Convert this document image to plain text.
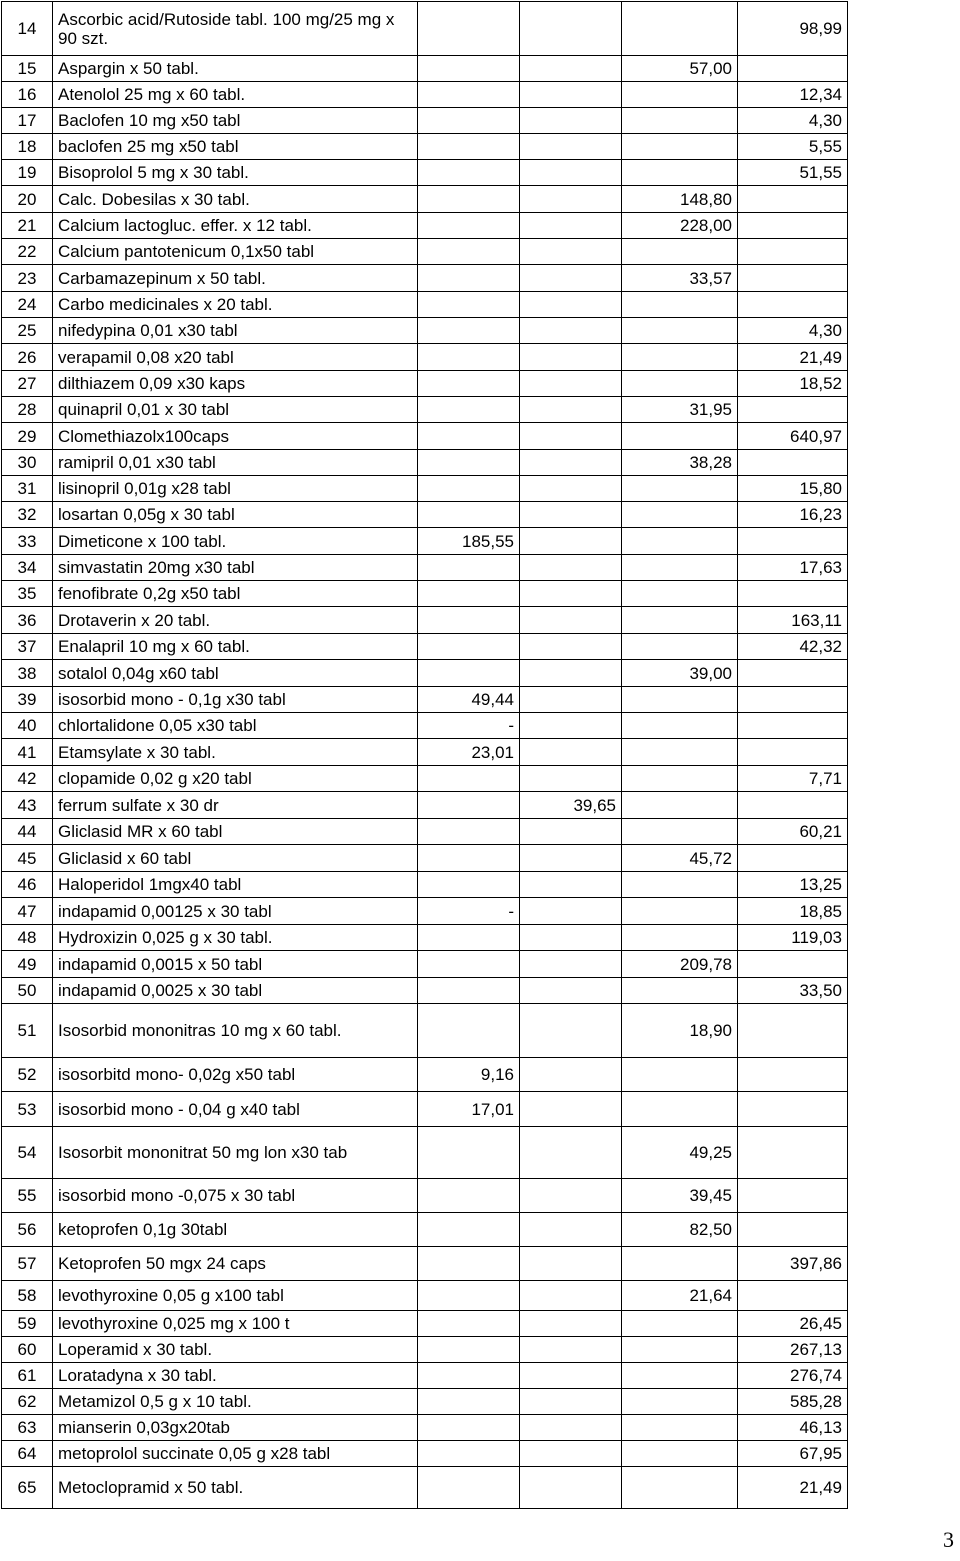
14	Ascorbic acid/Rutoside tabl. 100 mg/25 mg x 90 szt.				98,99
15	Aspargin x 50 tabl.			57,00	
16	Atenolol 25 mg x 60 tabl.				12,34
17	Baclofen 10 mg x50 tabl				4,30
18	baclofen 25 mg x50 tabl				5,55
19	Bisoprolol 5 mg x 30 tabl.				51,55
20	Calc. Dobesilas x 30 tabl.			148,80	
21	Calcium lactogluc. effer. x 12 tabl.			228,00	
22	Calcium pantotenicum 0,1x50 tabl				
23	Carbamazepinum x 50 tabl.			33,57	
24	Carbo medicinales x 20 tabl.				
25	nifedypina 0,01 x30 tabl				4,30
26	verapamil 0,08 x20 tabl				21,49
27	dilthiazem 0,09 x30 kaps				18,52
28	quinapril 0,01 x 30 tabl			31,95	
29	Clomethiazolx100caps				640,97
30	ramipril 0,01 x30 tabl			38,28	
31	lisinopril 0,01g x28 tabl				15,80
32	losartan 0,05g x 30 tabl				16,23
33	Dimeticone x 100 tabl.	185,55			
34	simvastatin 20mg x30 tabl				17,63
35	fenofibrate 0,2g x50 tabl				
36	Drotaverin x 20 tabl.				163,11
37	Enalapril 10 mg x 60 tabl.				42,32
38	sotalol 0,04g x60 tabl			39,00	
39	isosorbid mono - 0,1g x30 tabl	49,44			
40	chlortalidone 0,05 x30 tabl	-			
41	Etamsylate x 30 tabl.	23,01			
42	clopamide 0,02 g x20 tabl				7,71
43	ferrum sulfate x 30 dr		39,65		
44	Gliclasid MR x 60 tabl				60,21
45	Gliclasid x 60 tabl			45,72	
46	Haloperidol 1mgx40 tabl				13,25
47	indapamid 0,00125 x 30 tabl	-			18,85
48	Hydroxizin 0,025 g x 30 tabl.				119,03
49	indapamid 0,0015 x 50 tabl			209,78	
50	indapamid 0,0025 x 30 tabl				33,50
51	Isosorbid mononitras 10 mg x 60 tabl.			18,90	
52	isosorbitd mono- 0,02g x50 tabl	9,16			
53	isosorbid mono - 0,04 g x40 tabl	17,01			
54	Isosorbit mononitrat 50 mg lon x30 tab			49,25	
55	isosorbid mono -0,075 x 30 tabl			39,45	
56	ketoprofen 0,1g 30tabl			82,50	
57	Ketoprofen 50 mgx 24 caps				397,86
58	levothyroxine 0,05 g x100 tabl			21,64	
59	levothyroxine 0,025 mg x 100 t				26,45
60	Loperamid x 30 tabl.				267,13
61	Loratadyna x 30 tabl.				276,74
62	Metamizol 0,5 g x 10 tabl.				585,28
63	mianserin 0,03gx20tab				46,13
64	metoprolol succinate 0,05 g x28 tabl				67,95
65	Metoclopramid x 50 tabl.				21,49
3
